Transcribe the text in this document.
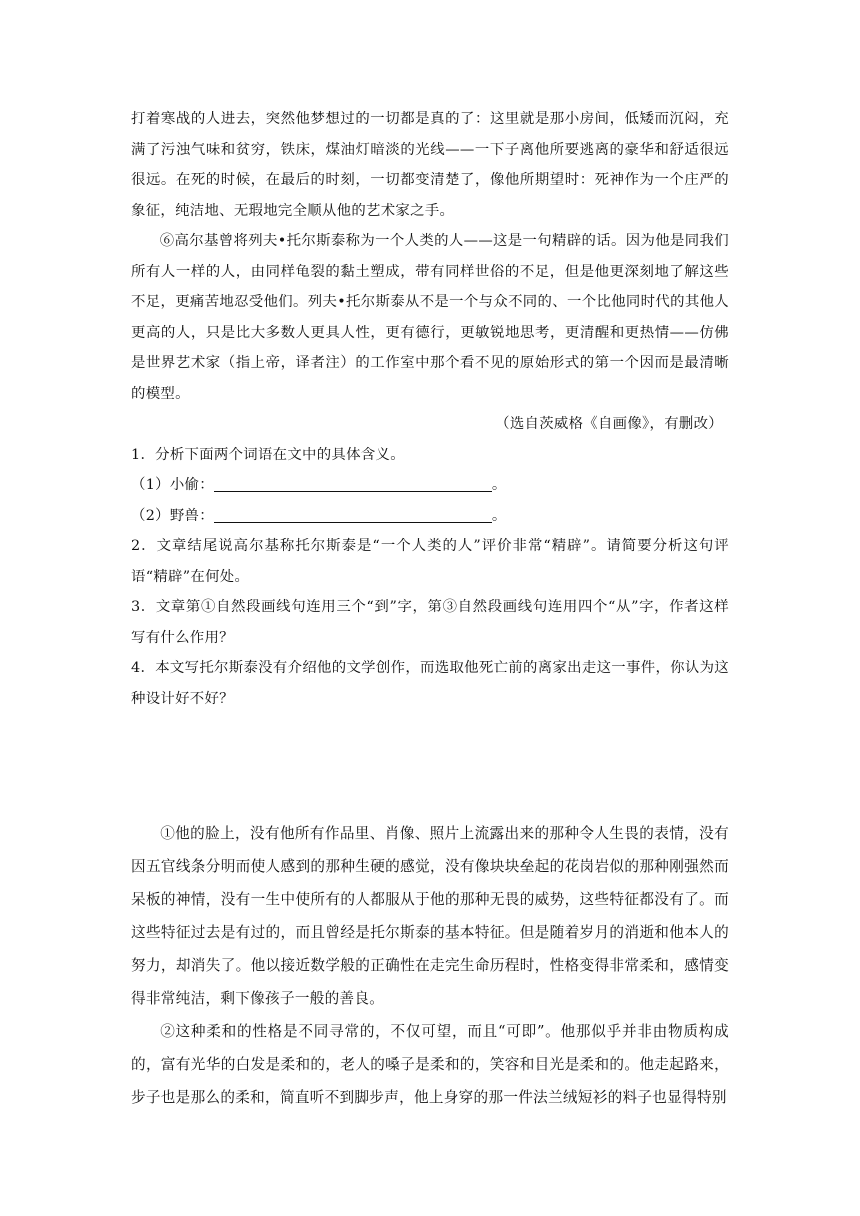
打着寒战的人进去，突然他梦想过的一切都是真的了：这里就是那小房间，低矮而沉闷，充满了污浊气味和贫穷，铁床，煤油灯暗淡的光线——一下子离他所要逃离的豪华和舒适很远很远。在死的时候，在最后的时刻，一切都变清楚了，像他所期望时：死神作为一个庄严的象征，纯洁地、无瑕地完全顺从他的艺术家之手。

⑥高尔基曾将列夫•托尔斯泰称为一个人类的人——这是一句精辟的话。因为他是同我们所有人一样的人，由同样龟裂的黏土塑成，带有同样世俗的不足，但是他更深刻地了解这些不足，更痛苦地忍受他们。列夫•托尔斯泰从不是一个与众不同的、一个比他同时代的其他人更高的人，只是比大多数人更具人性，更有德行，更敏锐地思考，更清醒和更热情——仿佛是世界艺术家（指上帝，译者注）的工作室中那个看不见的原始形式的第一个因而是最清晰的模型。

（选自茨威格《自画像》，有删改）

1．分析下面两个词语在文中的具体含义。

（1）小偷：	。

（2）野兽：	。

2．文章结尾说高尔基称托尔斯泰是“一个人类的人”评价非常“精辟”。请简要分析这句评语“精辟”在何处。

3．文章第①自然段画线句连用三个“到”字，第③自然段画线句连用四个“从”字，作者这样写有什么作用？

4．本文写托尔斯泰没有介绍他的文学创作，而选取他死亡前的离家出走这一事件，你认为这种设计好不好？

①他的脸上，没有他所有作品里、肖像、照片上流露出来的那种令人生畏的表情，没有因五官线条分明而使人感到的那种生硬的感觉，没有像块块垒起的花岗岩似的那种刚强然而呆板的神情，没有一生中使所有的人都服从于他的那种无畏的威势，这些特征都没有了。而这些特征过去是有过的，而且曾经是托尔斯泰的基本特征。但是随着岁月的消逝和他本人的努力，却消失了。他以接近数学般的正确性在走完生命历程时，性格变得非常柔和，感情变得非常纯洁，剩下像孩子一般的善良。

②这种柔和的性格是不同寻常的，不仅可望，而且“可即”。他那似乎并非由物质构成的，富有光华的白发是柔和的，老人的嗓子是柔和的，笑容和目光是柔和的。他走起路来，步子也是那么的柔和，简直听不到脚步声，他上身穿的那一件法兰绒短衫的料子也显得特别
